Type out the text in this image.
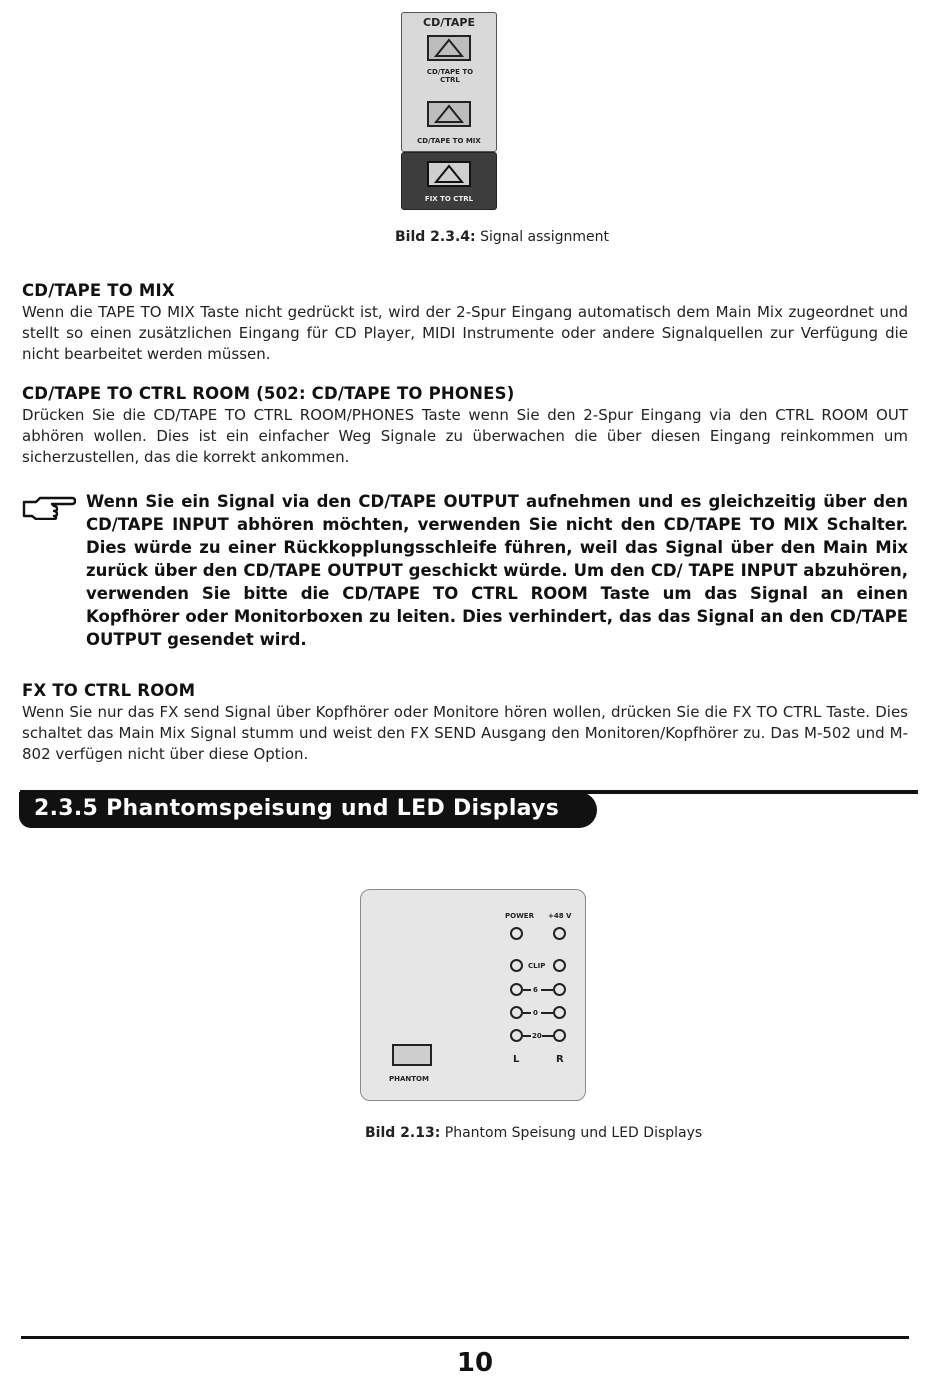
CD/TAPE
CD/TAPE TO CTRL
CD/TAPE TO MIX
FIX TO CTRL
Bild 2.3.4: Signal assignment
CD/TAPE TO MIX
Wenn die TAPE TO MIX Taste nicht gedrückt ist, wird der 2-Spur Eingang automatisch dem Main Mix zugeordnet und stellt so einen zusätzlichen Eingang für CD Player, MIDI Instrumente oder andere Signalquellen zur Verfügung die nicht bearbeitet werden müssen.
CD/TAPE TO CTRL ROOM (502: CD/TAPE TO PHONES)
Drücken Sie die CD/TAPE TO CTRL ROOM/PHONES Taste wenn Sie den 2-Spur Eingang via den CTRL ROOM OUT abhören wollen. Dies ist ein einfacher Weg Signale zu überwachen die über diesen Eingang reinkommen um sicherzustellen, das die korrekt ankommen.
Wenn Sie ein Signal via den CD/TAPE OUTPUT aufnehmen und es gleichzeitig über den CD/TAPE INPUT abhören möchten, verwenden Sie nicht den CD/TAPE TO MIX Schalter. Dies würde zu einer Rückkopplungsschleife führen, weil das Signal über den Main Mix zurück über den CD/TAPE OUTPUT geschickt würde. Um den CD/ TAPE INPUT abzuhören, verwenden Sie bitte die CD/TAPE TO CTRL ROOM Taste um das Signal an einen Kopfhörer oder Monitorboxen zu leiten. Dies verhindert, das das Signal an den CD/TAPE OUTPUT gesendet wird.
FX TO CTRL ROOM
Wenn Sie nur das FX send Signal über Kopfhörer oder Monitore hören wollen, drücken Sie die FX TO CTRL Taste. Dies schaltet das Main Mix Signal stumm und weist den FX SEND Ausgang den Monitoren/Kopfhörer zu. Das M-502 und M-802 verfügen nicht über diese Option.
2.3.5 Phantomspeisung und LED Displays
POWER +48 V
CLIP
6
0
20
L	R
PHANTOM
Bild 2.13: Phantom Speisung und LED Displays
10
